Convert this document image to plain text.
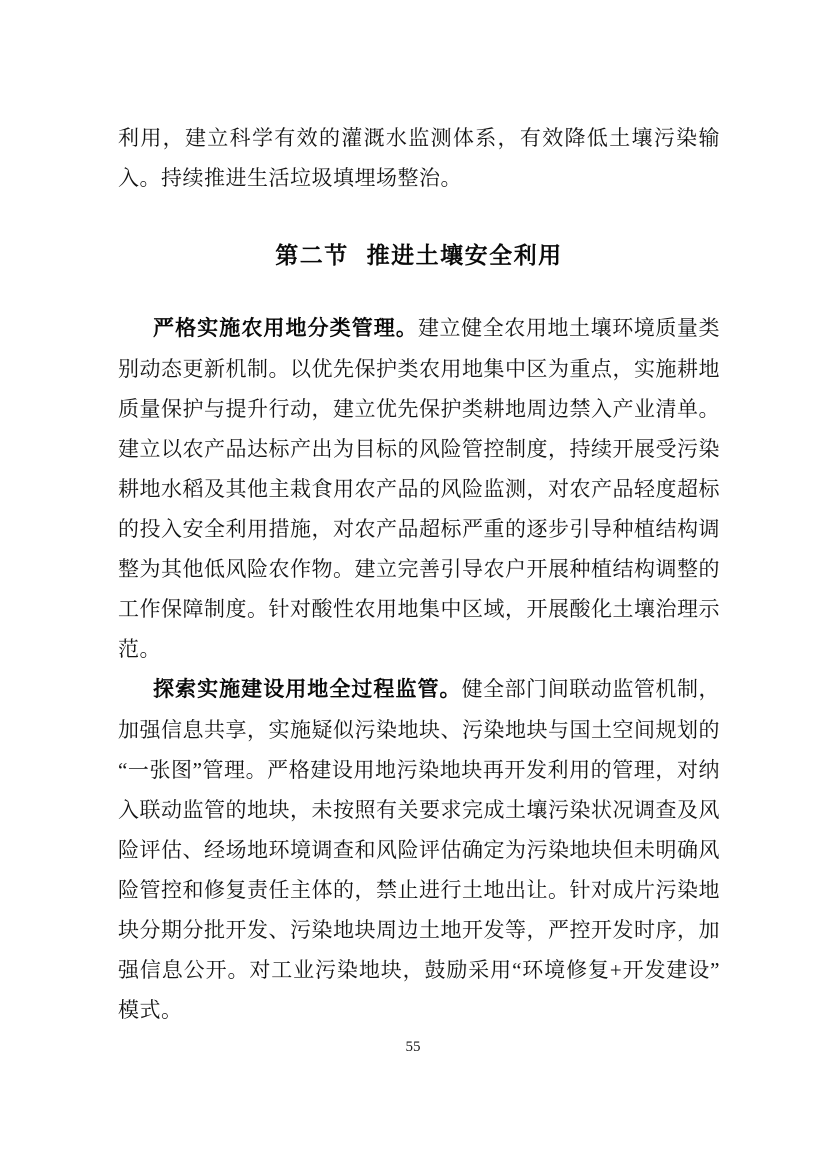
利用，建立科学有效的灌溉水监测体系，有效降低土壤污染输入。持续推进生活垃圾填埋场整治。

第二节 推进土壤安全利用

严格实施农用地分类管理。建立健全农用地土壤环境质量类别动态更新机制。以优先保护类农用地集中区为重点，实施耕地质量保护与提升行动，建立优先保护类耕地周边禁入产业清单。建立以农产品达标产出为目标的风险管控制度，持续开展受污染耕地水稻及其他主栽食用农产品的风险监测，对农产品轻度超标的投入安全利用措施，对农产品超标严重的逐步引导种植结构调整为其他低风险农作物。建立完善引导农户开展种植结构调整的工作保障制度。针对酸性农用地集中区域，开展酸化土壤治理示范。

探索实施建设用地全过程监管。健全部门间联动监管机制，加强信息共享，实施疑似污染地块、污染地块与国土空间规划的“一张图”管理。严格建设用地污染地块再开发利用的管理，对纳入联动监管的地块，未按照有关要求完成土壤污染状况调查及风险评估、经场地环境调查和风险评估确定为污染地块但未明确风险管控和修复责任主体的，禁止进行土地出让。针对成片污染地块分期分批开发、污染地块周边土地开发等，严控开发时序，加强信息公开。对工业污染地块，鼓励采用“环境修复+开发建设”模式。

55
